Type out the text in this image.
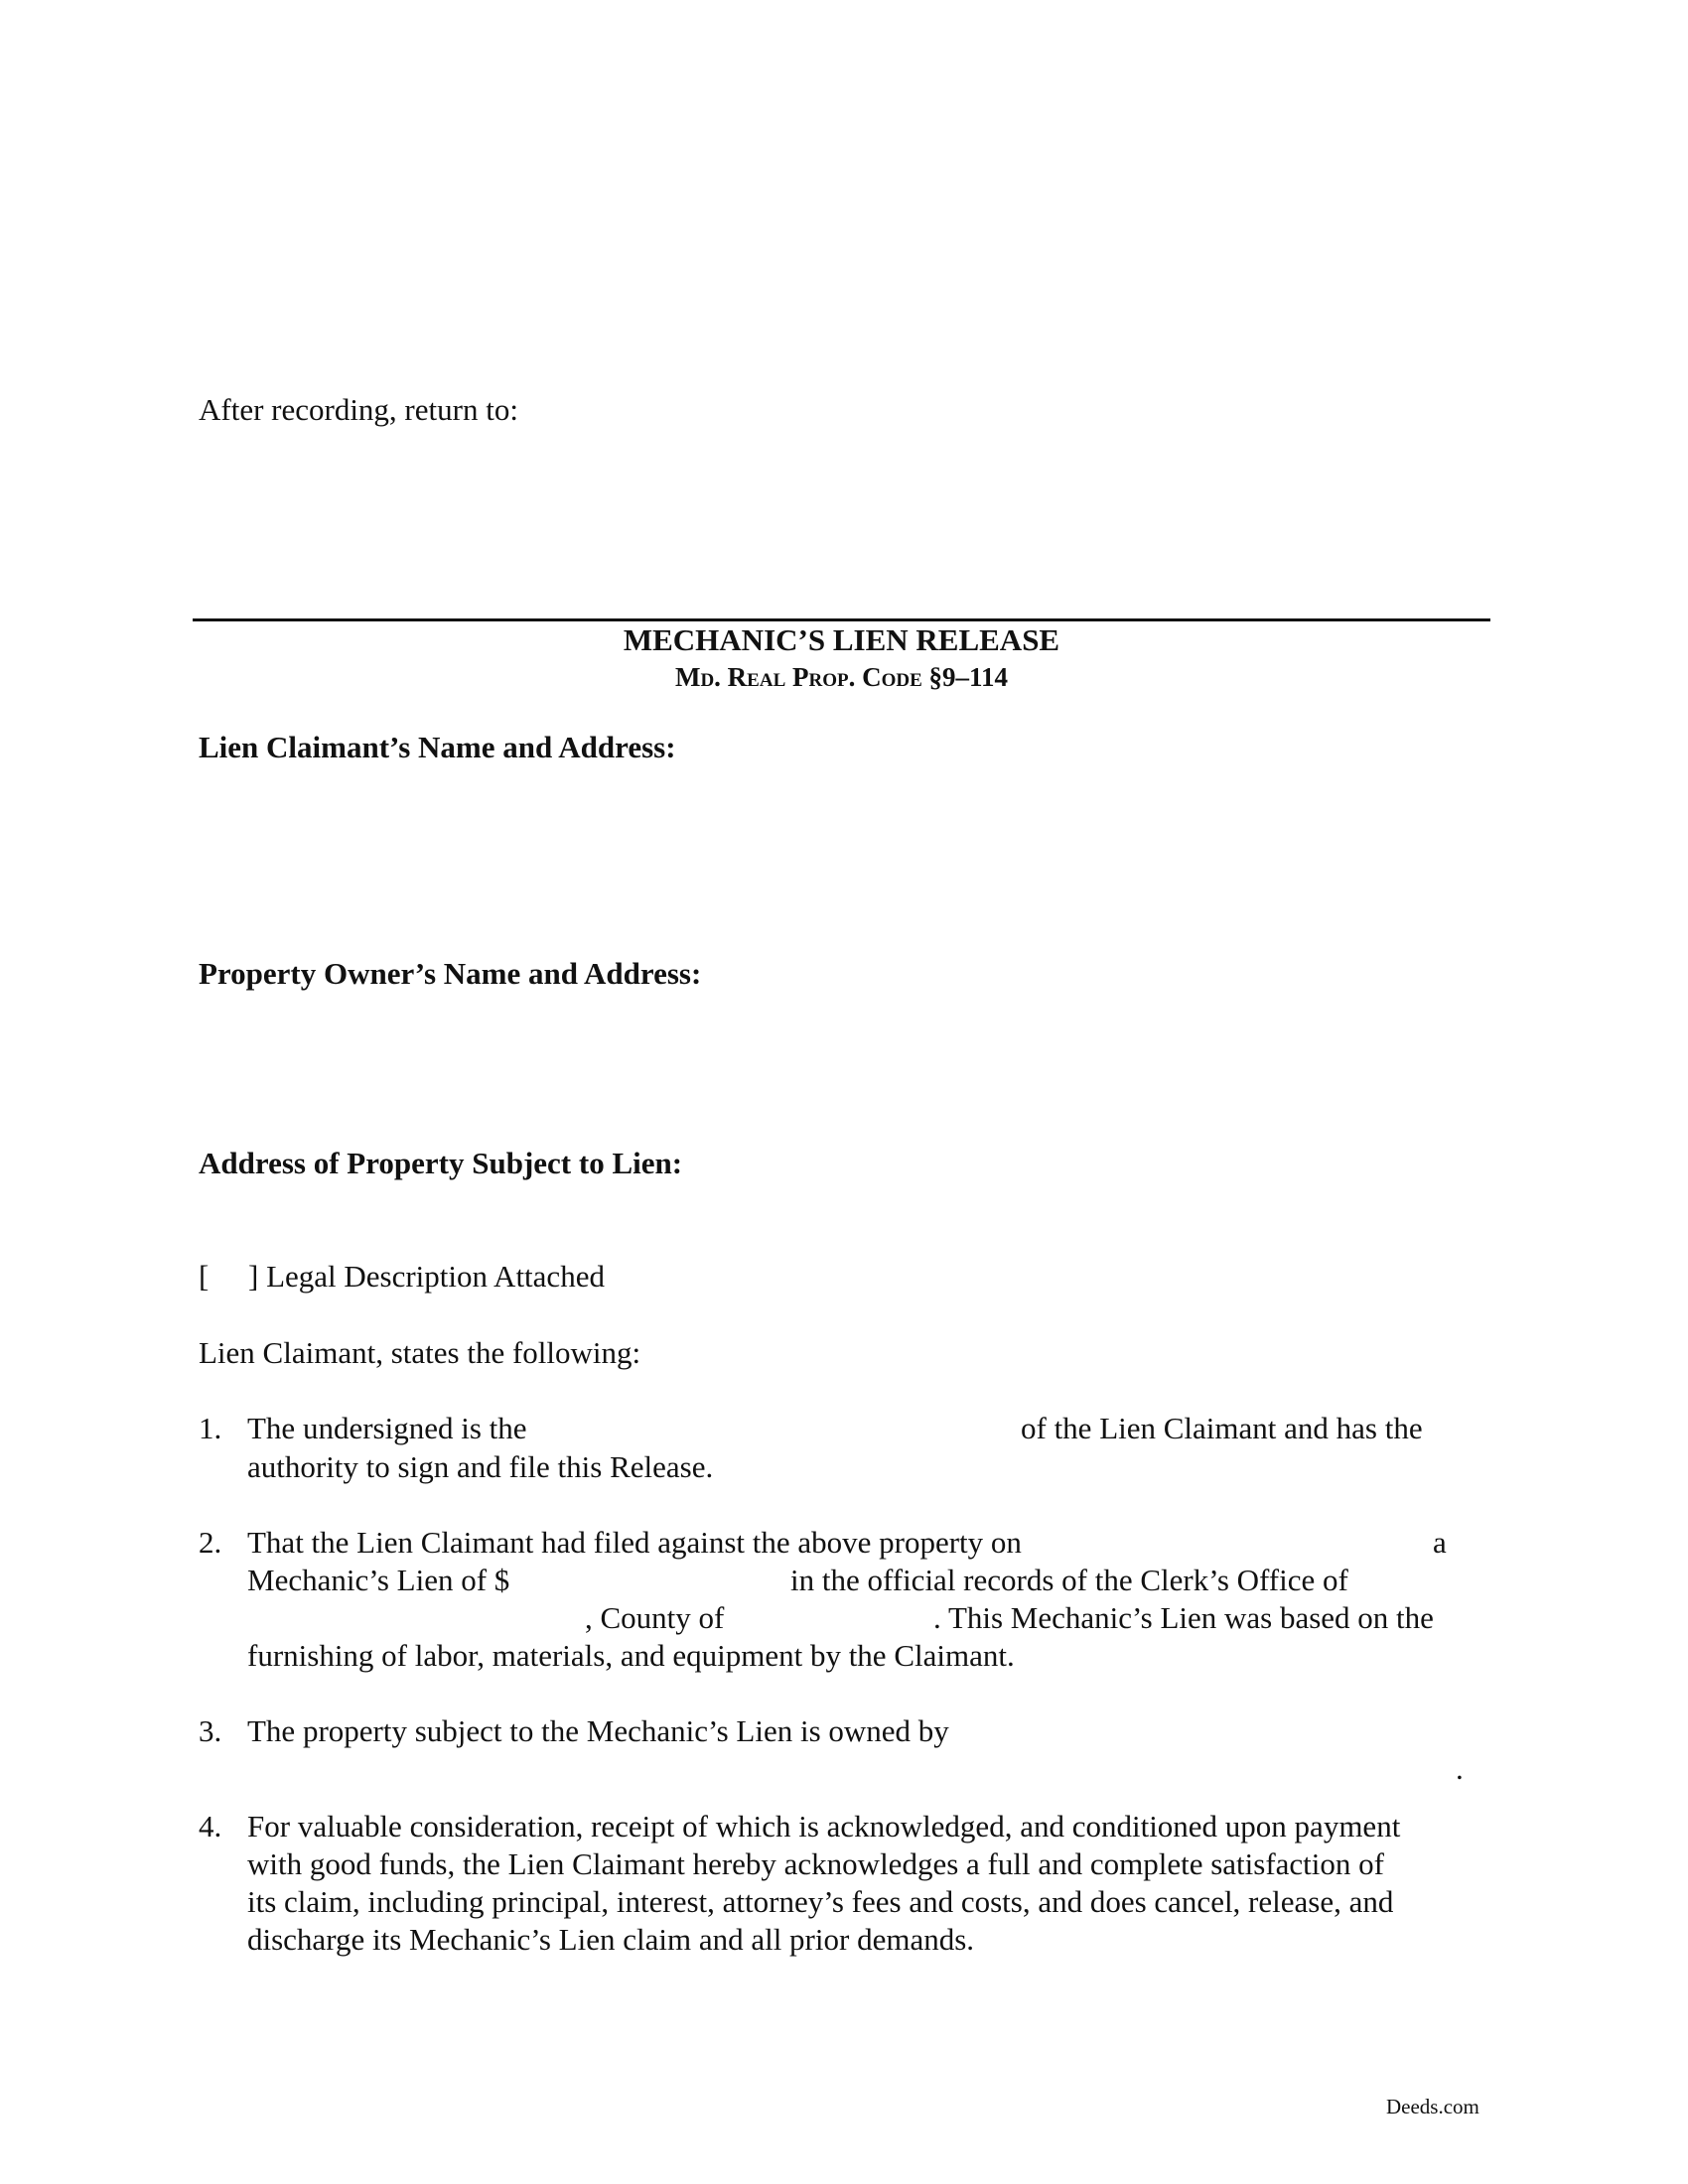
After recording, return to:
MECHANIC’S LIEN RELEASE
Md. Real Prop. Code §9–114
Lien Claimant’s Name and Address:
Property Owner’s Name and Address:
Address of Property Subject to Lien:
[ ] Legal Description Attached
Lien Claimant, states the following:
1. The undersigned is the	of the Lien Claimant and has the
authority to sign and file this Release.
2. That the Lien Claimant had filed against the above property on	a
Mechanic’s Lien of $	in the official records of the Clerk’s Office of
, County of	. This Mechanic’s Lien was based on the
furnishing of labor, materials, and equipment by the Claimant.
3. The property subject to the Mechanic’s Lien is owned by
.
4. For valuable consideration, receipt of which is acknowledged, and conditioned upon payment
with good funds, the Lien Claimant hereby acknowledges a full and complete satisfaction of
its claim, including principal, interest, attorney’s fees and costs, and does cancel, release, and
discharge its Mechanic’s Lien claim and all prior demands.
Deeds.com
